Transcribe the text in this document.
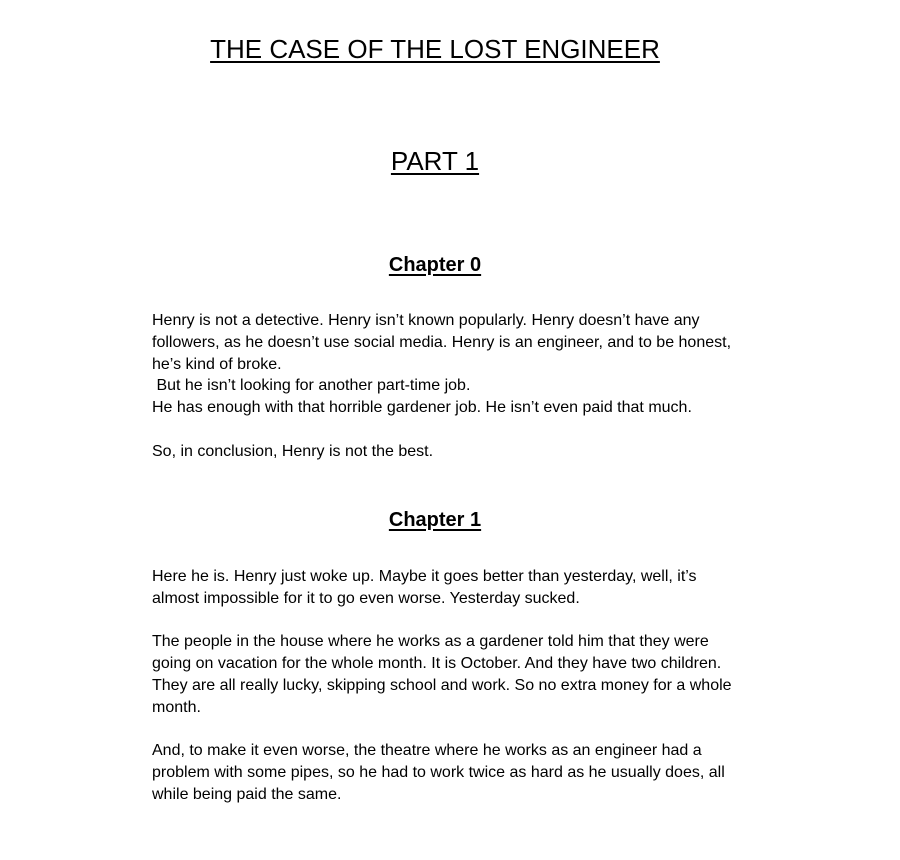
THE CASE OF THE LOST ENGINEER
PART 1
Chapter 0

Henry is not a detective. Henry isn’t known popularly. Henry doesn’t have any followers, as he doesn’t use social media. Henry is an engineer, and to be honest, he’s kind of broke.

But he isn’t looking for another part-time job.

He has enough with that horrible gardener job. He isn’t even paid that much.

So, in conclusion, Henry is not the best.

Chapter 1

Here he is. Henry just woke up. Maybe it goes better than yesterday, well, it’s almost impossible for it to go even worse. Yesterday sucked.

The people in the house where he works as a gardener told him that they were going on vacation for the whole month. It is October. And they have two children. They are all really lucky, skipping school and work. So no extra money for a whole month.

And, to make it even worse, the theatre where he works as an engineer had a problem with some pipes, so he had to work twice as hard as he usually does, all while being paid the same.
